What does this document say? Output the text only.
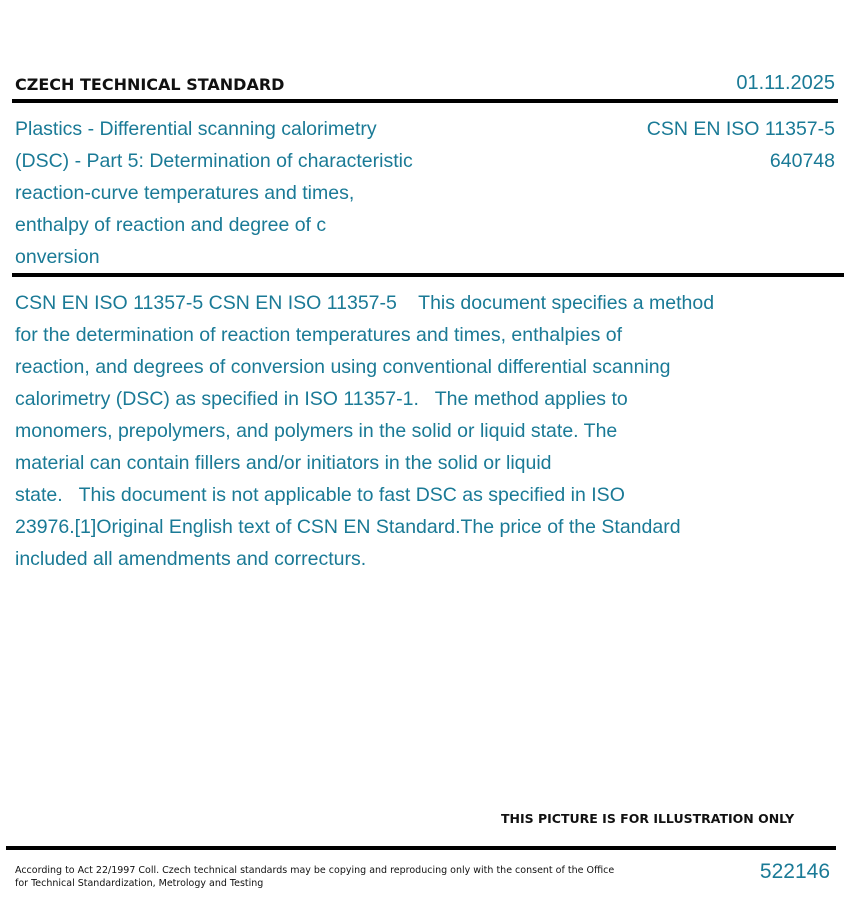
CZECH TECHNICAL STANDARD	01.11.2025
Plastics - Differential scanning calorimetry
(DSC) - Part 5: Determination of characteristic
reaction-curve temperatures and times,
enthalpy of reaction and degree of c
onversion
CSN EN ISO 11357-5
640748
CSN EN ISO 11357-5 CSN EN ISO 11357-5    This document specifies a method
for the determination of reaction temperatures and times, enthalpies of
reaction, and degrees of conversion using conventional differential scanning
calorimetry (DSC) as specified in ISO 11357-1.   The method applies to
monomers, prepolymers, and polymers in the solid or liquid state. The
material can contain fillers and/or initiators in the solid or liquid
state.   This document is not applicable to fast DSC as specified in ISO
23976.[1]Original English text of CSN EN Standard.The price of the Standard
included all amendments and correcturs.
THIS PICTURE IS FOR ILLUSTRATION ONLY
According to Act 22/1997 Coll. Czech technical standards may be copying and reproducing only with the consent of the Office
for Technical Standardization, Metrology and Testing
522146
